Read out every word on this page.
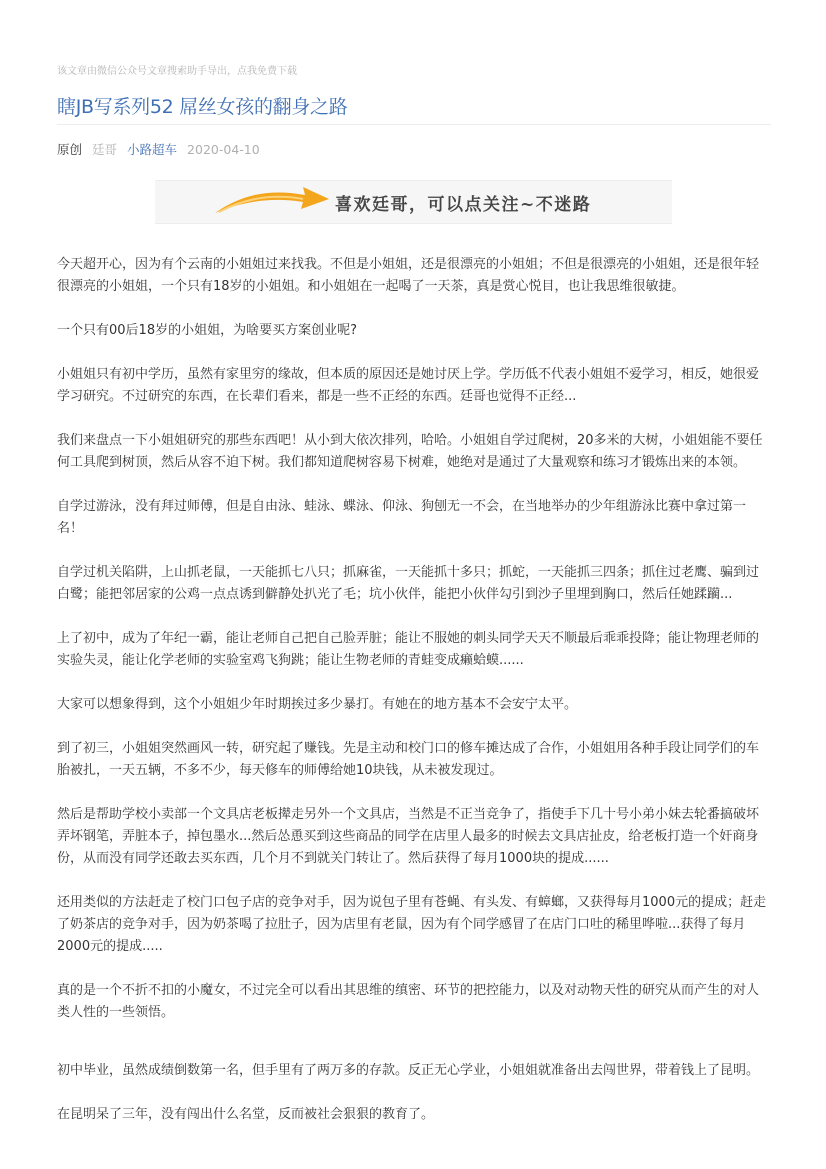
该文章由微信公众号文章搜索助手导出，点我免费下载
瞎JB写系列52 屌丝女孩的翻身之路
原创 廷哥 小路超车 2020-04-10
喜欢廷哥，可以点关注~不迷路

今天超开心，因为有个云南的小姐姐过来找我。不但是小姐姐，还是很漂亮的小姐姐；不但是很漂亮的小姐姐，还是很年轻很漂亮的小姐姐，一个只有18岁的小姐姐。和小姐姐在一起喝了一天茶，真是赏心悦目，也让我思维很敏捷。

一个只有00后18岁的小姐姐，为啥要买方案创业呢?

小姐姐只有初中学历，虽然有家里穷的缘故，但本质的原因还是她讨厌上学。学历低不代表小姐姐不爱学习，相反，她很爱学习研究。不过研究的东西，在长辈们看来，都是一些不正经的东西。廷哥也觉得不正经...

我们来盘点一下小姐姐研究的那些东西吧！从小到大依次排列，哈哈。小姐姐自学过爬树，20多米的大树，小姐姐能不要任何工具爬到树顶，然后从容不迫下树。我们都知道爬树容易下树难，她绝对是通过了大量观察和练习才锻炼出来的本领。

自学过游泳，没有拜过师傅，但是自由泳、蛙泳、蝶泳、仰泳、狗刨无一不会，在当地举办的少年组游泳比赛中拿过第一名！

自学过机关陷阱，上山抓老鼠，一天能抓七八只；抓麻雀，一天能抓十多只；抓蛇，一天能抓三四条；抓住过老鹰、骗到过白鹭；能把邻居家的公鸡一点点诱到僻静处扒光了毛；坑小伙伴，能把小伙伴勾引到沙子里埋到胸口，然后任她蹂躏...

上了初中，成为了年纪一霸，能让老师自己把自己脸弄脏；能让不服她的刺头同学天天不顺最后乖乖投降；能让物理老师的实验失灵，能让化学老师的实验室鸡飞狗跳；能让生物老师的青蛙变成癞蛤蟆......

大家可以想象得到，这个小姐姐少年时期挨过多少暴打。有她在的地方基本不会安宁太平。

到了初三，小姐姐突然画风一转，研究起了赚钱。先是主动和校门口的修车摊达成了合作，小姐姐用各种手段让同学们的车胎被扎，一天五辆，不多不少，每天修车的师傅给她10块钱，从未被发现过。

然后是帮助学校小卖部一个文具店老板撵走另外一个文具店，当然是不正当竞争了，指使手下几十号小弟小妹去轮番搞破坏弄坏钢笔，弄脏本子，掉包墨水...然后怂恿买到这些商品的同学在店里人最多的时候去文具店扯皮，给老板打造一个奸商身份，从而没有同学还敢去买东西，几个月不到就关门转让了。然后获得了每月1000块的提成......

还用类似的方法赶走了校门口包子店的竞争对手，因为说包子里有苍蝇、有头发、有蟑螂，又获得每月1000元的提成；赶走了奶茶店的竞争对手，因为奶茶喝了拉肚子，因为店里有老鼠，因为有个同学感冒了在店门口吐的稀里哗啦...获得了每月2000元的提成.....

真的是一个不折不扣的小魔女，不过完全可以看出其思维的缜密、环节的把控能力，以及对动物天性的研究从而产生的对人类人性的一些领悟。

初中毕业，虽然成绩倒数第一名，但手里有了两万多的存款。反正无心学业，小姐姐就准备出去闯世界，带着钱上了昆明。

在昆明呆了三年，没有闯出什么名堂，反而被社会狠狠的教育了。
